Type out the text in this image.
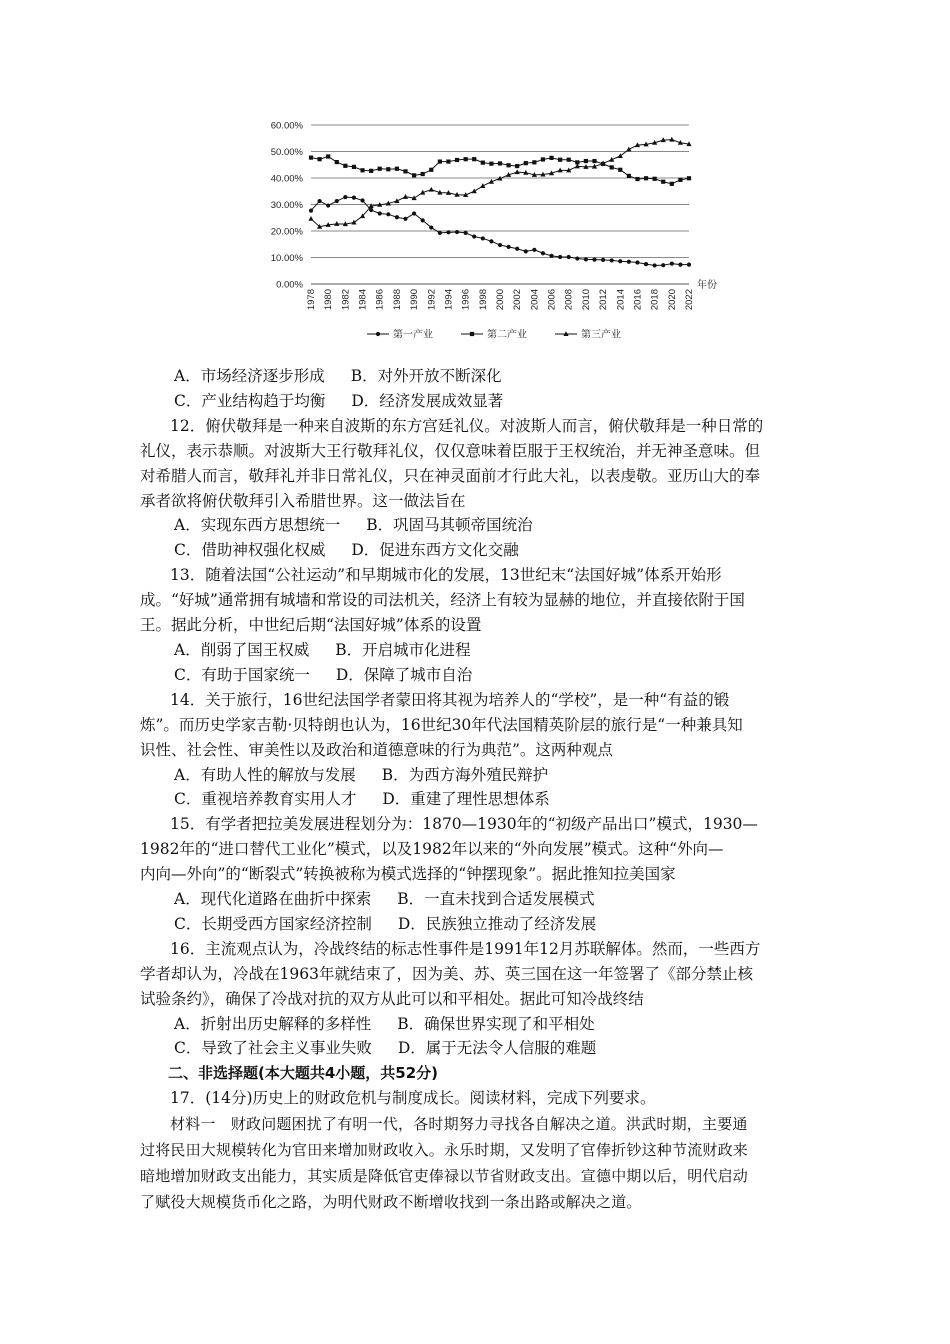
60.00%
50.00%
40.00%
30.00%
20.00%
10.00%
0.00%
1978 1980 1982 1984 1986 1988 1990 1992 1994 1996 1998 2000 2002 2004 2006 2008 2010 2012 2014 2016 2018 2020 2022
年份
第一产业	第二产业	第三产业
A．市场经济逐步形成 B．对外开放不断深化
C．产业结构趋于均衡 D．经济发展成效显著
12．俯伏敬拜是一种来自波斯的东方宫廷礼仪。对波斯人而言，俯伏敬拜是一种日常的
礼仪，表示恭顺。对波斯大王行敬拜礼仪，仅仅意味着臣服于王权统治，并无神圣意味。但
对希腊人而言，敬拜礼并非日常礼仪，只在神灵面前才行此大礼，以表虔敬。亚历山大的奉
承者欲将俯伏敬拜引入希腊世界。这一做法旨在
A．实现东西方思想统一 B．巩固马其顿帝国统治
C．借助神权强化权威 D．促进东西方文化交融
13．随着法国“公社运动”和早期城市化的发展，13世纪末“法国好城”体系开始形
成。“好城”通常拥有城墙和常设的司法机关，经济上有较为显赫的地位，并直接依附于国
王。据此分析，中世纪后期“法国好城”体系的设置
A．削弱了国王权威 B．开启城市化进程
C．有助于国家统一 D．保障了城市自治
14．关于旅行，16世纪法国学者蒙田将其视为培养人的“学校”，是一种“有益的锻
炼”。而历史学家吉勒·贝特朗也认为，16世纪30年代法国精英阶层的旅行是“一种兼具知
识性、社会性、审美性以及政治和道德意味的行为典范”。这两种观点
A．有助人性的解放与发展 B．为西方海外殖民辩护
C．重视培养教育实用人才 D．重建了理性思想体系
15．有学者把拉美发展进程划分为：1870—1930年的“初级产品出口”模式，1930—
1982年的“进口替代工业化”模式，以及1982年以来的“外向发展”模式。这种“外向—
内向—外向”的“断裂式”转换被称为模式选择的“钟摆现象”。据此推知拉美国家
A．现代化道路在曲折中探索 B．一直未找到合适发展模式
C．长期受西方国家经济控制 D．民族独立推动了经济发展
16．主流观点认为，冷战终结的标志性事件是1991年12月苏联解体。然而，一些西方
学者却认为，冷战在1963年就结束了，因为美、苏、英三国在这一年签署了《部分禁止核
试验条约》，确保了冷战对抗的双方从此可以和平相处。据此可知冷战终结
A．折射出历史解释的多样性 B．确保世界实现了和平相处
C．导致了社会主义事业失败 D．属于无法令人信服的难题
二、非选择题(本大题共4小题，共52分)
17．(14分)历史上的财政危机与制度成长。阅读材料，完成下列要求。
材料一　财政问题困扰了有明一代，各时期努力寻找各自解决之道。洪武时期，主要通
过将民田大规模转化为官田来增加财政收入。永乐时期，又发明了官俸折钞这种节流财政来
暗地增加财政支出能力，其实质是降低官吏俸禄以节省财政支出。宣德中期以后，明代启动
了赋役大规模货币化之路，为明代财政不断增收找到一条出路或解决之道。
